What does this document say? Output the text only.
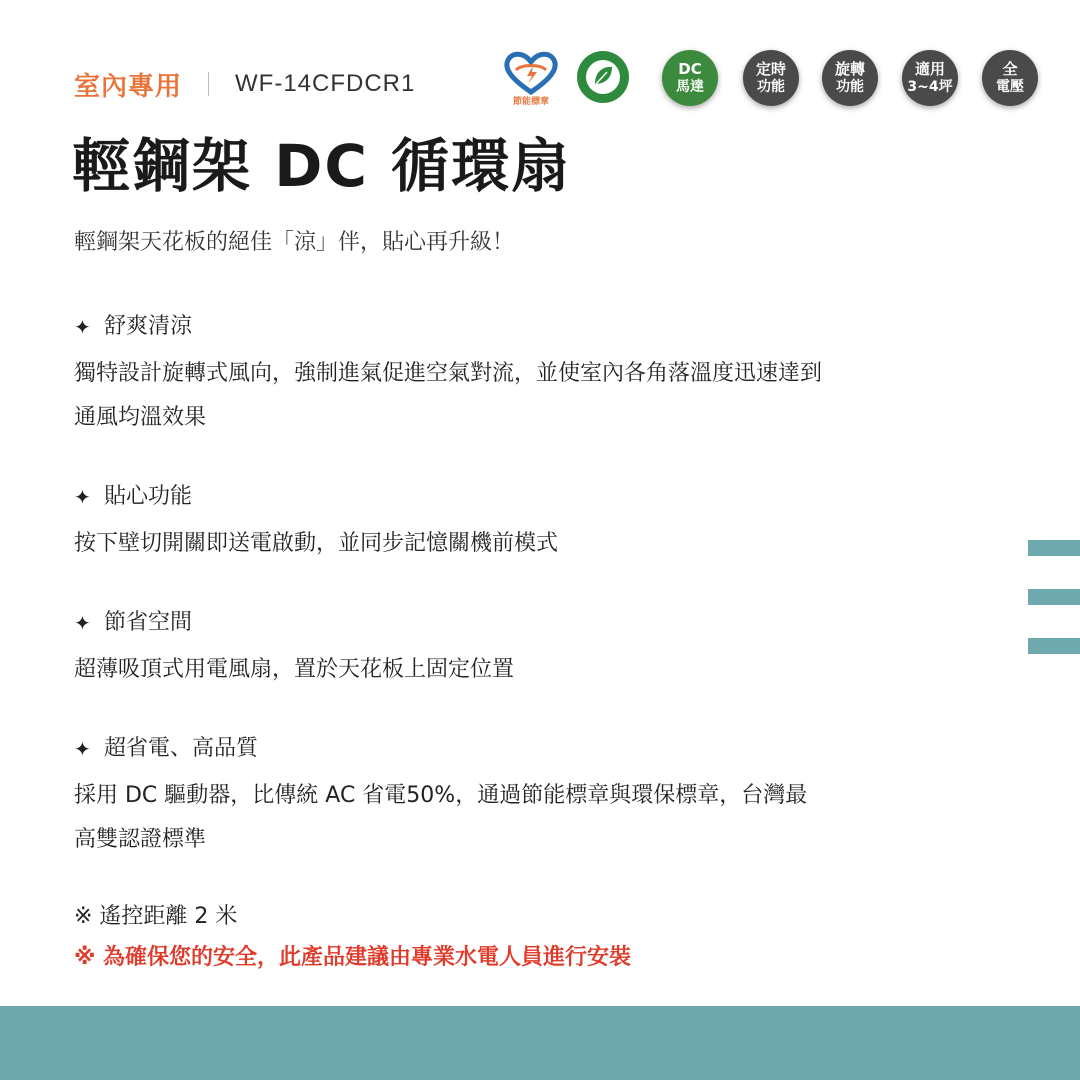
室內專用 WF-14CFDCR1
節能標章
DC
馬達
定時
功能
旋轉
功能
適用
3~4坪
全
電壓
輕鋼架 DC 循環扇
輕鋼架天花板的絕佳「涼」伴，貼心再升級！
✦ 舒爽清涼
獨特設計旋轉式風向，強制進氣促進空氣對流，並使室內各角落溫度迅速達到
通風均溫效果
✦ 貼心功能
按下壁切開關即送電啟動，並同步記憶關機前模式
✦ 節省空間
超薄吸頂式用電風扇，置於天花板上固定位置
✦ 超省電、高品質
採用 DC 驅動器，比傳統 AC 省電50%，通過節能標章與環保標章，台灣最
高雙認證標準
※ 遙控距離 2 米
※ 為確保您的安全，此產品建議由專業水電人員進行安裝
